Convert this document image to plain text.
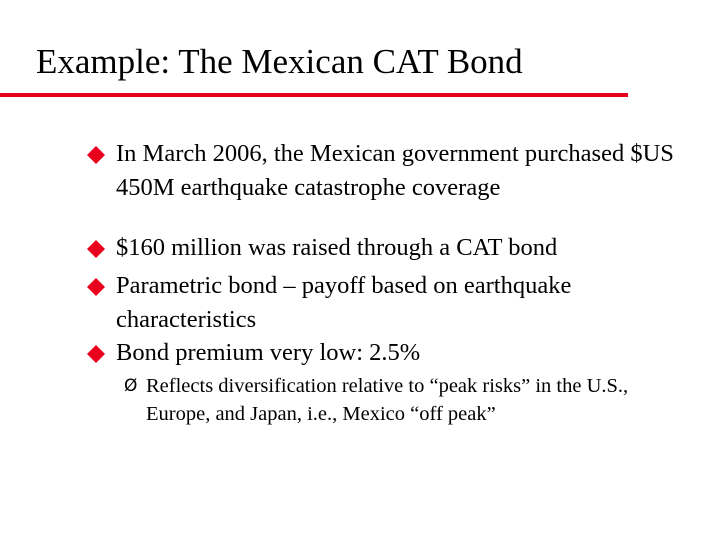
Example: The Mexican CAT Bond
In March 2006, the Mexican government purchased $US 450M earthquake catastrophe coverage
$160 million was raised through a CAT bond
Parametric bond – payoff based on earthquake characteristics
Bond premium very low: 2.5%
Ø Reflects diversification relative to “peak risks” in the U.S., Europe, and Japan, i.e., Mexico “off peak”
